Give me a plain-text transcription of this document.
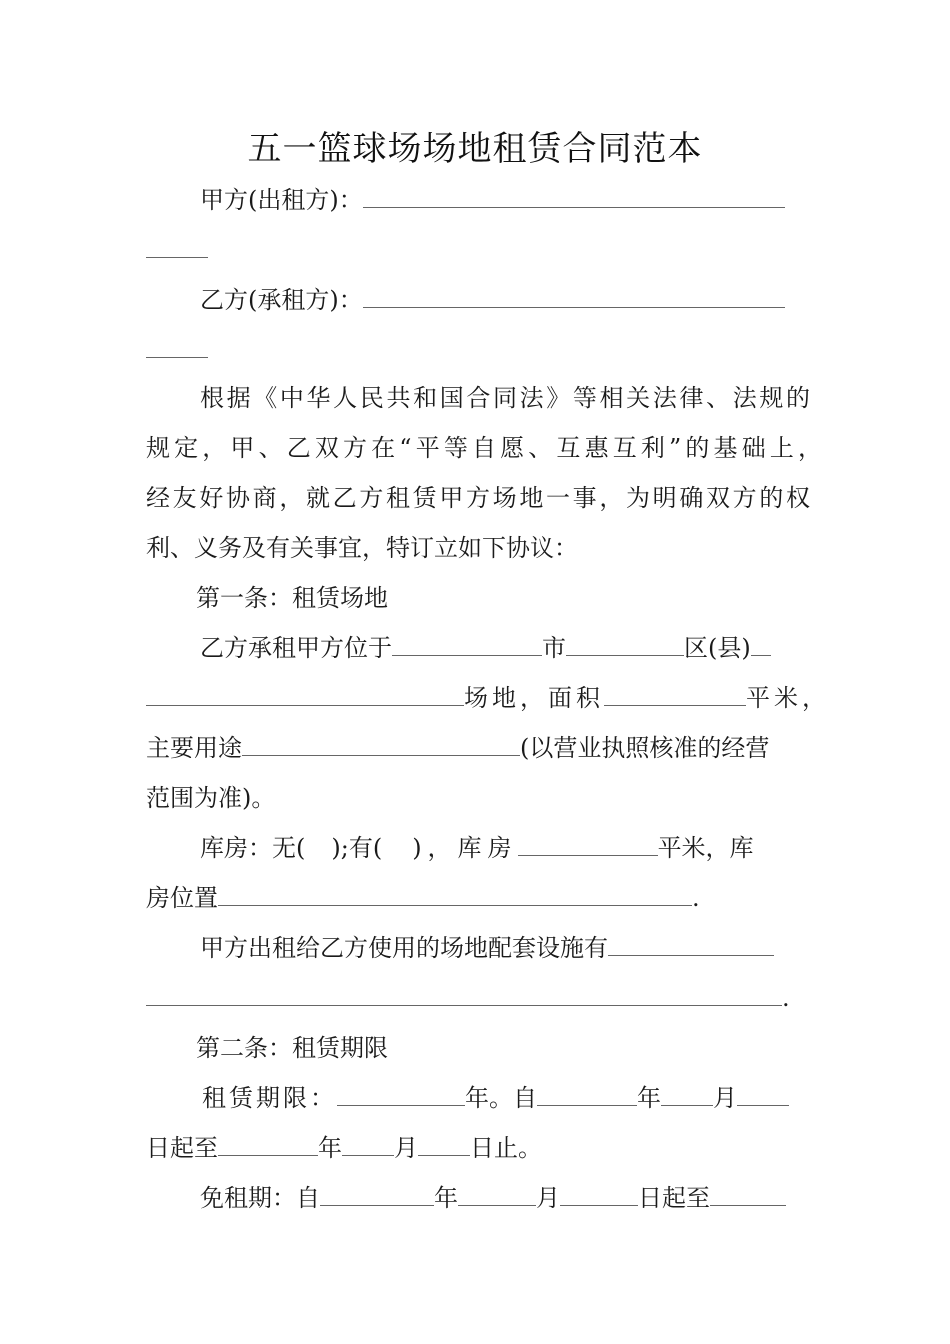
五一篮球场场地租赁合同范本
甲方(出租方)：
乙方(承租方)：
根据《中华人民共和国合同法》等相关法律、法规的
规定，甲、乙双方在“平等自愿、互惠互利”的基础上，
经友好协商，就乙方租赁甲方场地一事，为明确双方的权
利、义务及有关事宜，特订立如下协议：
第一条：租赁场地
乙方承租甲方位于	市	区(县)
场地，面积	平米，
主要用途	(以营业执照核准的经营
范围为准)。
库房：无( );有( )，库房	平米，库
房位置	.
甲方出租给乙方使用的场地配套设施有
.
第二条：租赁期限
租赁期限：	年。自	年 月
日起至	年 月 日止。
免租期：自	年	月	日起至
